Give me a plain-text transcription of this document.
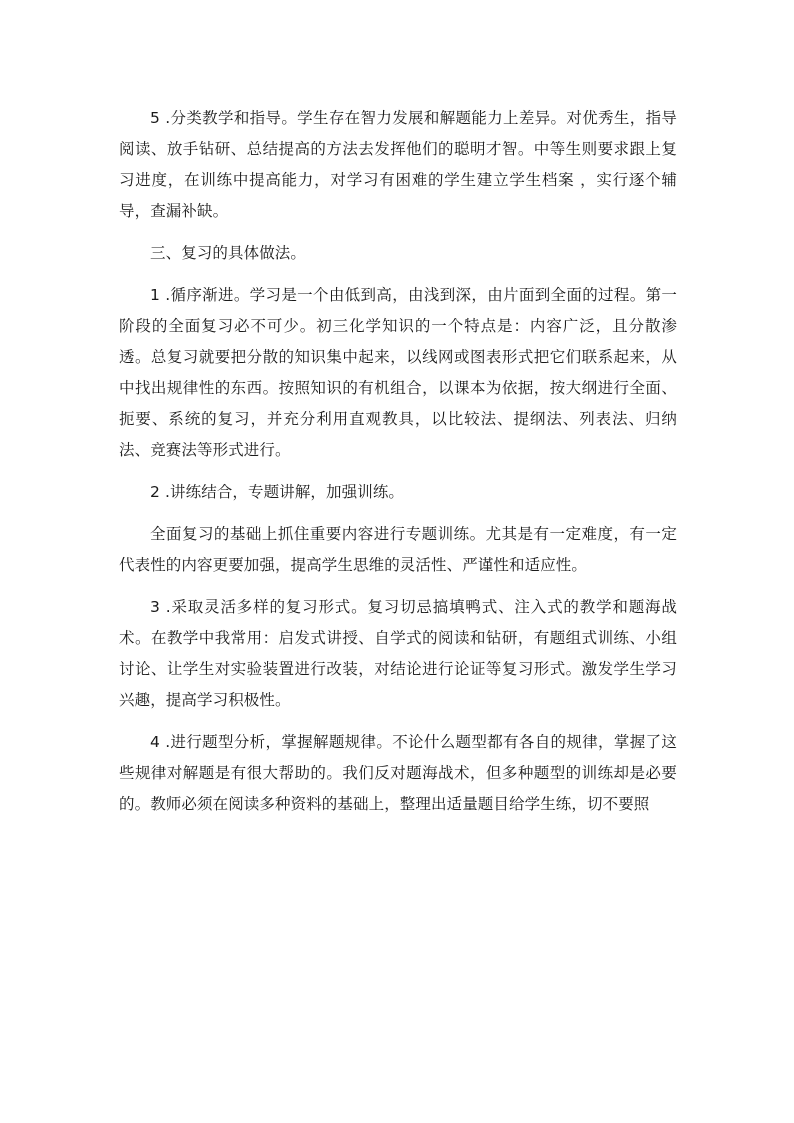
5 .分类教学和指导。学生存在智力发展和解题能力上差异。对优秀生，指导阅读、放手钻研、总结提高的方法去发挥他们的聪明才智。中等生则要求跟上复习进度，在训练中提高能力，对学习有困难的学生建立学生档案 ，实行逐个辅导，查漏补缺。

三、复习的具体做法。

1 .循序渐进。学习是一个由低到高，由浅到深，由片面到全面的过程。第一阶段的全面复习必不可少。初三化学知识的一个特点是：内容广泛，且分散渗透。总复习就要把分散的知识集中起来，以线网或图表形式把它们联系起来，从中找出规律性的东西。按照知识的有机组合，以课本为依据，按大纲进行全面、扼要、系统的复习，并充分利用直观教具，以比较法、提纲法、列表法、归纳法、竞赛法等形式进行。

2 .讲练结合，专题讲解，加强训练。

全面复习的基础上抓住重要内容进行专题训练。尤其是有一定难度，有一定代表性的内容更要加强，提高学生思维的灵活性、严谨性和适应性。

3 .采取灵活多样的复习形式。复习切忌搞填鸭式、注入式的教学和题海战术。在教学中我常用：启发式讲授、自学式的阅读和钻研，有题组式训练、小组讨论、让学生对实验装置进行改装，对结论进行论证等复习形式。激发学生学习兴趣，提高学习积极性。

4 .进行题型分析，掌握解题规律。不论什么题型都有各自的规律，掌握了这些规律对解题是有很大帮助的。我们反对题海战术，但多种题型的训练却是必要的。教师必须在阅读多种资料的基础上，整理出适量题目给学生练，切不要照
